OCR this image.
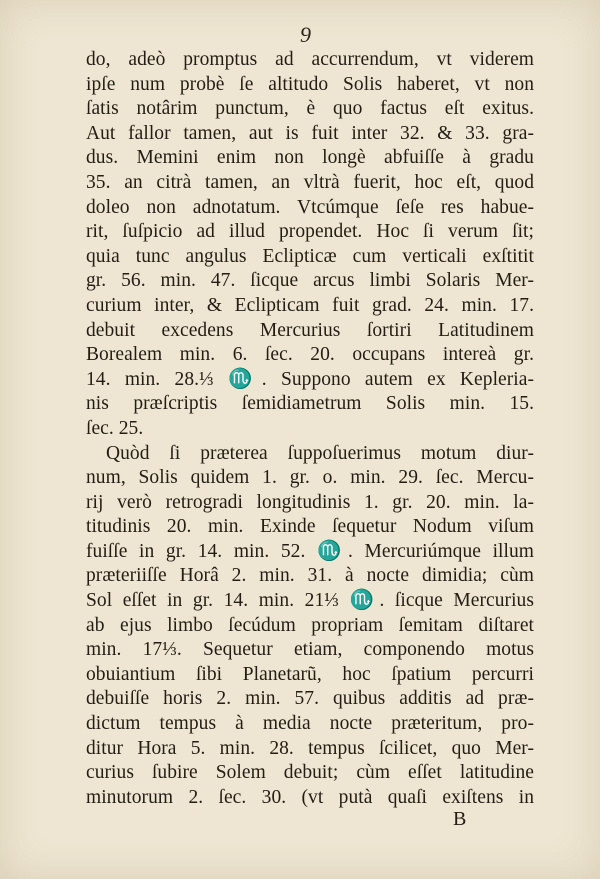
9
do, adeò promptus ad accurrendum, vt viderem
ipſe num probè ſe altitudo Solis haberet, vt non
ſatis notârim punctum, è quo factus eſt exitus.
Aut fallor tamen, aut is fuit inter 32. & 33. gra-
dus. Memini enim non longè abfuiſſe à gradu
35. an citrà tamen, an vltrà fuerit, hoc eſt, quod
doleo non adnotatum. Vtcúmque ſeſe res habue-
rit, ſuſpicio ad illud propendet. Hoc ſi verum ſit;
quia tunc angulus Eclipticæ cum verticali exſtitit
gr. 56. min. 47. ſicque arcus limbi Solaris Mer-
curium inter, & Eclipticam fuit grad. 24. min. 17.
debuit excedens Mercurius ſortiri Latitudinem
Borealem min. 6. ſec. 20. occupans intereà gr.
14. min. 28.⅓ ♏. Suppono autem ex Kepleria-
nis præſcriptis ſemidiametrum Solis min. 15.
ſec. 25.
Quòd ſi præterea ſuppoſuerimus motum diur-
num, Solis quidem 1. gr. o. min. 29. ſec. Mercu-
rij verò retrogradi longitudinis 1. gr. 20. min. la-
titudinis 20. min. Exinde ſequetur Nodum viſum
fuiſſe in gr. 14. min. 52. ♏. Mercuriúmque illum
præteriiſſe Horâ 2. min. 31. à nocte dimidia; cùm
Sol eſſet in gr. 14. min. 21⅓ ♏. ſicque Mercurius
ab ejus limbo ſecúdum propriam ſemitam diſtaret
min. 17⅓. Sequetur etiam, componendo motus
obuiantium ſibi Planetarũ, hoc ſpatium percurri
debuiſſe horis 2. min. 57. quibus additis ad præ-
dictum tempus à media nocte præteritum, pro-
ditur Hora 5. min. 28. tempus ſcilicet, quo Mer-
curius ſubire Solem debuit; cùm eſſet latitudine
minutorum 2. ſec. 30. (vt putà quaſi exiſtens in
B
